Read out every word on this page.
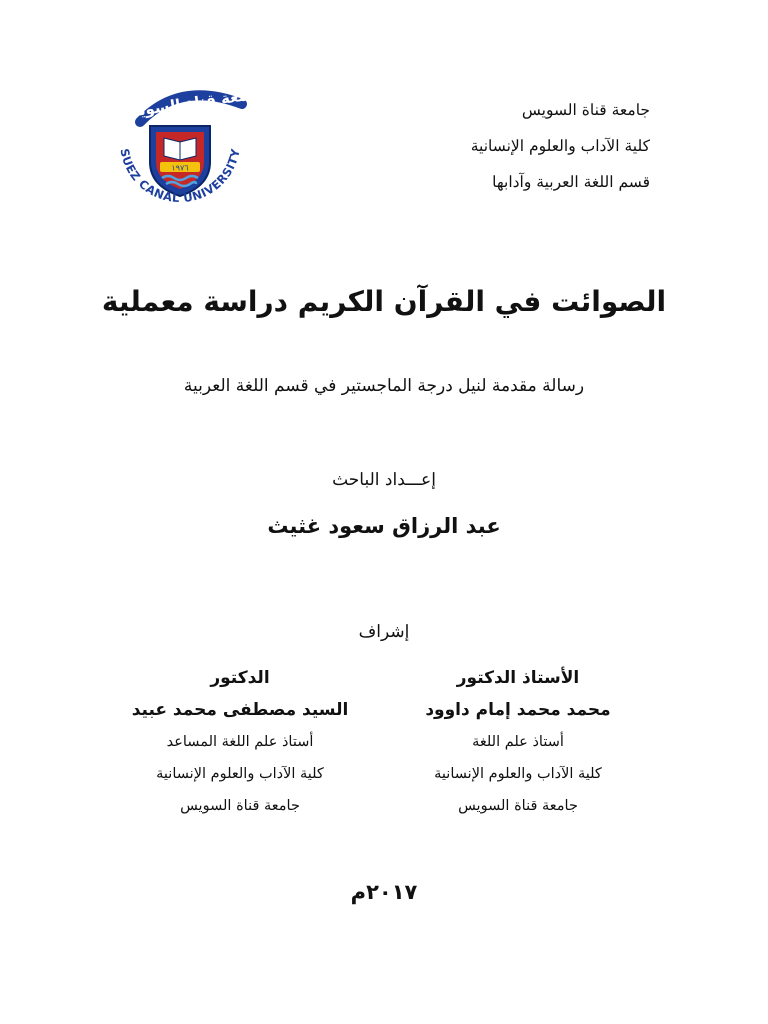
جامعة قناة السويس
كلية الآداب والعلوم الإنسانية
قسم اللغة العربية وآدابها
جامعة قناة السويس
١٩٧٦
SUEZ CANAL UNIVERSITY
الصوائت في القرآن الكريم دراسة معملية
رسالة مقدمة لنيل درجة الماجستير في قسم اللغة العربية
إعـــداد الباحث
عبد الرزاق سعود غثيث
إشراف
الأستاذ الدكتور
محمد محمد إمام داوود
أستاذ علم اللغة
كلية الآداب والعلوم الإنسانية
جامعة قناة السويس
الدكتور
السيد مصطفى محمد عبيد
أستاذ علم اللغة المساعد
كلية الآداب والعلوم الإنسانية
جامعة قناة السويس
٢٠١٧م
